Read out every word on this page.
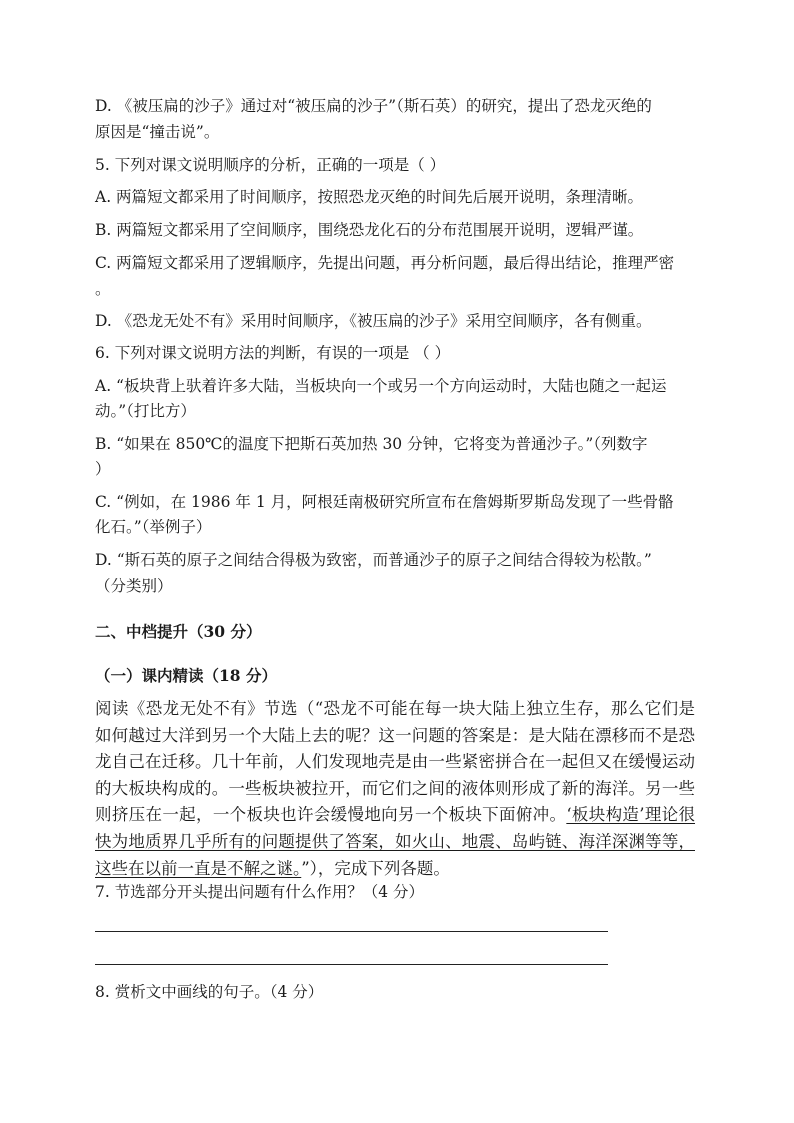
D. 《被压扁的沙子》通过对“被压扁的沙子”（斯石英）的研究，提出了恐龙灭绝的
原因是“撞击说”。
5. 下列对课文说明顺序的分析，正确的一项是（ ）
A. 两篇短文都采用了时间顺序，按照恐龙灭绝的时间先后展开说明，条理清晰。
B. 两篇短文都采用了空间顺序，围绕恐龙化石的分布范围展开说明，逻辑严谨。
C. 两篇短文都采用了逻辑顺序，先提出问题，再分析问题，最后得出结论，推理严密
。
D. 《恐龙无处不有》采用时间顺序，《被压扁的沙子》采用空间顺序，各有侧重。
6. 下列对课文说明方法的判断，有误的一项是 （ ）
A. “板块背上驮着许多大陆，当板块向一个或另一个方向运动时，大陆也随之一起运
动。”（打比方）
B. “如果在 850℃的温度下把斯石英加热 30 分钟，它将变为普通沙子。”（列数字
）
C. “例如，在 1986 年 1 月，阿根廷南极研究所宣布在詹姆斯罗斯岛发现了一些骨骼
化石。”（举例子）
D. “斯石英的原子之间结合得极为致密，而普通沙子的原子之间结合得较为松散。”
（分类别）
二、中档提升（30 分）
（一）课内精读（18 分）
阅读《恐龙无处不有》节选（“恐龙不可能在每一块大陆上独立生存，那么它们是如何越过大洋到另一个大陆上去的呢？这一问题的答案是：是大陆在漂移而不是恐龙自己在迁移。几十年前，人们发现地壳是由一些紧密拼合在一起但又在缓慢运动的大板块构成的。一些板块被拉开，而它们之间的液体则形成了新的海洋。另一些则挤压在一起，一个板块也许会缓慢地向另一个板块下面俯冲。‘板块构造’理论很快为地质界几乎所有的问题提供了答案，如火山、地震、岛屿链、海洋深渊等等，这些在以前一直是不解之谜。”），完成下列各题。
7. 节选部分开头提出问题有什么作用？（4 分）
8. 赏析文中画线的句子。（4 分）
